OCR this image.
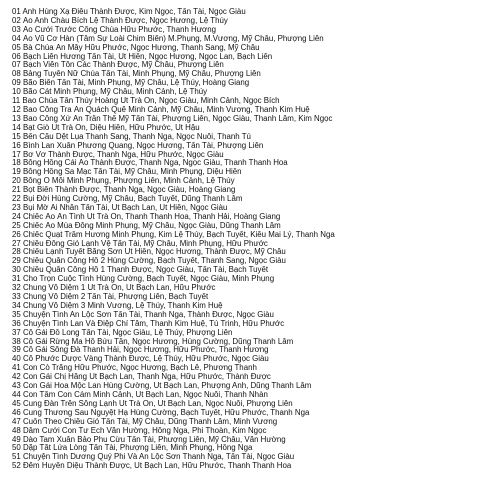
01 Anh Hùng Xạ Điêu Thành Được, Kim Ngọc, Tấn Tài, Ngọc Giàu
02 Áo Anh Chàu Bích Lệ Thành Được, Ngọc Hương, Lệ Thủy
03 Áo Cưới Trước Cổng Chùa Hữu Phước, Thanh Hương
04 Áo Vũ Cơ Hàn (Tâm Sự Loài Chim Biển) M.Phụng, M.Vương, Mỹ Châu, Phượng Liên
05 Bà Chúa Ấn Mây Hữu Phước, Ngọc Hương, Thanh Sang, Mỹ Châu
06 Bạch Liên Hương Tấn Tài, Út Hiền, Ngọc Hương, Ngọc Lan, Bạch Liên
07 Bạch Viên Tôn Các Thành Được, Mỹ Châu, Phượng Liên
08 Bảng Tuyên Nữ Chúa Tấn Tài, Minh Phụng, Mỹ Châu, Phượng Liên
09 Bão Biển Tấn Tài, Minh Phụng, Mỹ Châu, Lệ Thủy, Hoàng Giang
10 Bão Cát Minh Phụng, Mỹ Châu, Minh Cảnh, Lệ Thủy
11 Bao Chúa Tần Thủy Hoàng Út Trà Ôn, Ngọc Giàu, Minh Cảnh, Ngọc Bích
12 Bao Công Tra Án Quách Quê Minh Cảnh, Mỹ Châu, Minh Vương, Thanh Kim Huệ
13 Bao Công Xử Án Trần Thế Mỹ Tấn Tài, Phượng Liên, Ngọc Giàu, Thanh Lâm, Kim Ngọc
14 Bạt Giò Út Trà Ôn, Diệu Hiền, Hữu Phước, Út Hậu
15 Bến Cầu Dệt Lụa Thanh Sang, Thanh Nga, Ngọc Nuôi, Thanh Tú
16 Bình Lan Xuân Phương Quang, Ngọc Hương, Tấn Tài, Phượng Liên
17 Bơ Vơ Thành Được, Thanh Nga, Hữu Phước, Ngọc Giàu
18 Bông Hồng Cái Áo Thành Được, Thanh Nga, Ngọc Giàu, Thanh Thanh Hoa
19 Bông Hồng Sa Mạc Tấn Tài, Mỹ Châu, Minh Phụng, Diệu Hiền
20 Bông Ô Môi Minh Phụng, Phượng Liên, Minh Cảnh, Lệ Thủy
21 Bọt Biển Thành Được, Thanh Nga, Ngọc Giàu, Hoàng Giang
22 Bụi Đời Hùng Cường, Mỹ Châu, Bạch Tuyết, Dũng Thanh Lâm
23 Bụi Mờ Ái Nhân Tấn Tài, Út Bạch Lan, Út Hiền, Ngọc Giàu
24 Chiếc Áo Ân Tình Út Trà Ôn, Thanh Thanh Hoa, Thanh Hải, Hoàng Giang
25 Chiếc Áo Mùa Đông Minh Phụng, Mỹ Châu, Ngọc Giàu, Dũng Thanh Lâm
26 Chiếc Quạt Trầm Hương Minh Phụng, Kim Lệ Thủy, Bạch Tuyết, Kiều Mai Lý, Thanh Nga
27 Chiều Đông Gió Lạnh Vệ Tấn Tài, Mỹ Châu, Minh Phụng, Hữu Phước
28 Chiếu Lạnh Tuyết Băng Sơn Út Hiền, Ngọc Hương, Thành Được, Mỹ Châu
29 Chiều Quân Công Hồ 2 Hùng Cường, Bạch Tuyết, Thanh Sang, Ngọc Giàu
30 Chiều Quân Công Hồ 1 Thanh Được, Ngọc Giàu, Tấn Tài, Bạch Tuyết
31 Cho Trọn Cuộc Tình Hùng Cường, Bạch Tuyết, Ngọc Giàu, Minh Phụng
32 Chung Vô Diệm 1 Út Trà Ôn, Út Bạch Lan, Hữu Phước
33 Chung Vô Diệm 2 Tấn Tài, Phượng Liên, Bạch Tuyết
34 Chung Vô Diệm 3 Minh Vương, Lệ Thủy, Thanh Kim Huệ
35 Chuyện Tình An Lộc Sơn Tấn Tài, Thanh Nga, Thành Được, Ngọc Giàu
36 Chuyện Tình Lan Và Điệp Chí Tâm, Thanh Kim Huệ, Tú Trinh, Hữu Phước
37 Cô Gái Đồ Long Tấn Tài, Ngọc Giàu, Lệ Thủy, Phượng Liên
38 Cô Gái Rừng Ma Hồ Bửu Tần, Ngọc Hương, Hùng Cường, Dũng Thanh Lâm
39 Cô Gái Sông Đà Thanh Hải, Ngọc Hương, Hữu Phước, Thanh Hương
40 Cô Phước Dược Vàng Thành Được, Lệ Thủy, Hữu Phước, Ngọc Giàu
41 Con Cò Trắng Hữu Phước, Ngọc Hương, Bạch Lê, Phương Thanh
42 Con Gái Chị Hằng Út Bạch Lan, Thanh Nga, Hữu Phước, Thành Được
43 Con Gái Hoa Mộc Lan Hùng Cường, Út Bạch Lan, Phượng Anh, Dũng Thanh Lâm
44 Con Tằm Con Cám Minh Cảnh, Út Bạch Lan, Ngọc Nuôi, Thanh Nhàn
45 Cung Đàn Trên Sông Lạnh Út Trà Ôn, Út Bạch Lan, Ngọc Nuôi, Phượng Liên
46 Cung Thương Sau Nguyệt Hạ Hùng Cường, Bạch Tuyết, Hữu Phước, Thanh Nga
47 Cuốn Theo Chiều Gió Tấn Tài, Mỹ Châu, Dũng Thanh Lâm, Minh Vương
48 Dâm Cưới Con Tư Ếch Văn Hường, Hồng Nga, Phi Thoàn, Kim Ngọc
49 Dào Tam Xuân Bảo Phu Cừu Tấn Tài, Phượng Liên, Mỹ Châu, Văn Hường
50 Dặp Tắt Lửa Lòng Tấn Tài, Phượng Liên, Minh Phụng, Hồng Nga
51 Chuyện Tình Dương Quý Phi Và An Lộc Sơn Thanh Nga, Tấn Tài, Ngọc Giàu
52 Đêm Huyền Diệu Thành Được, Út Bạch Lan, Hữu Phước, Thanh Thanh Hoa
